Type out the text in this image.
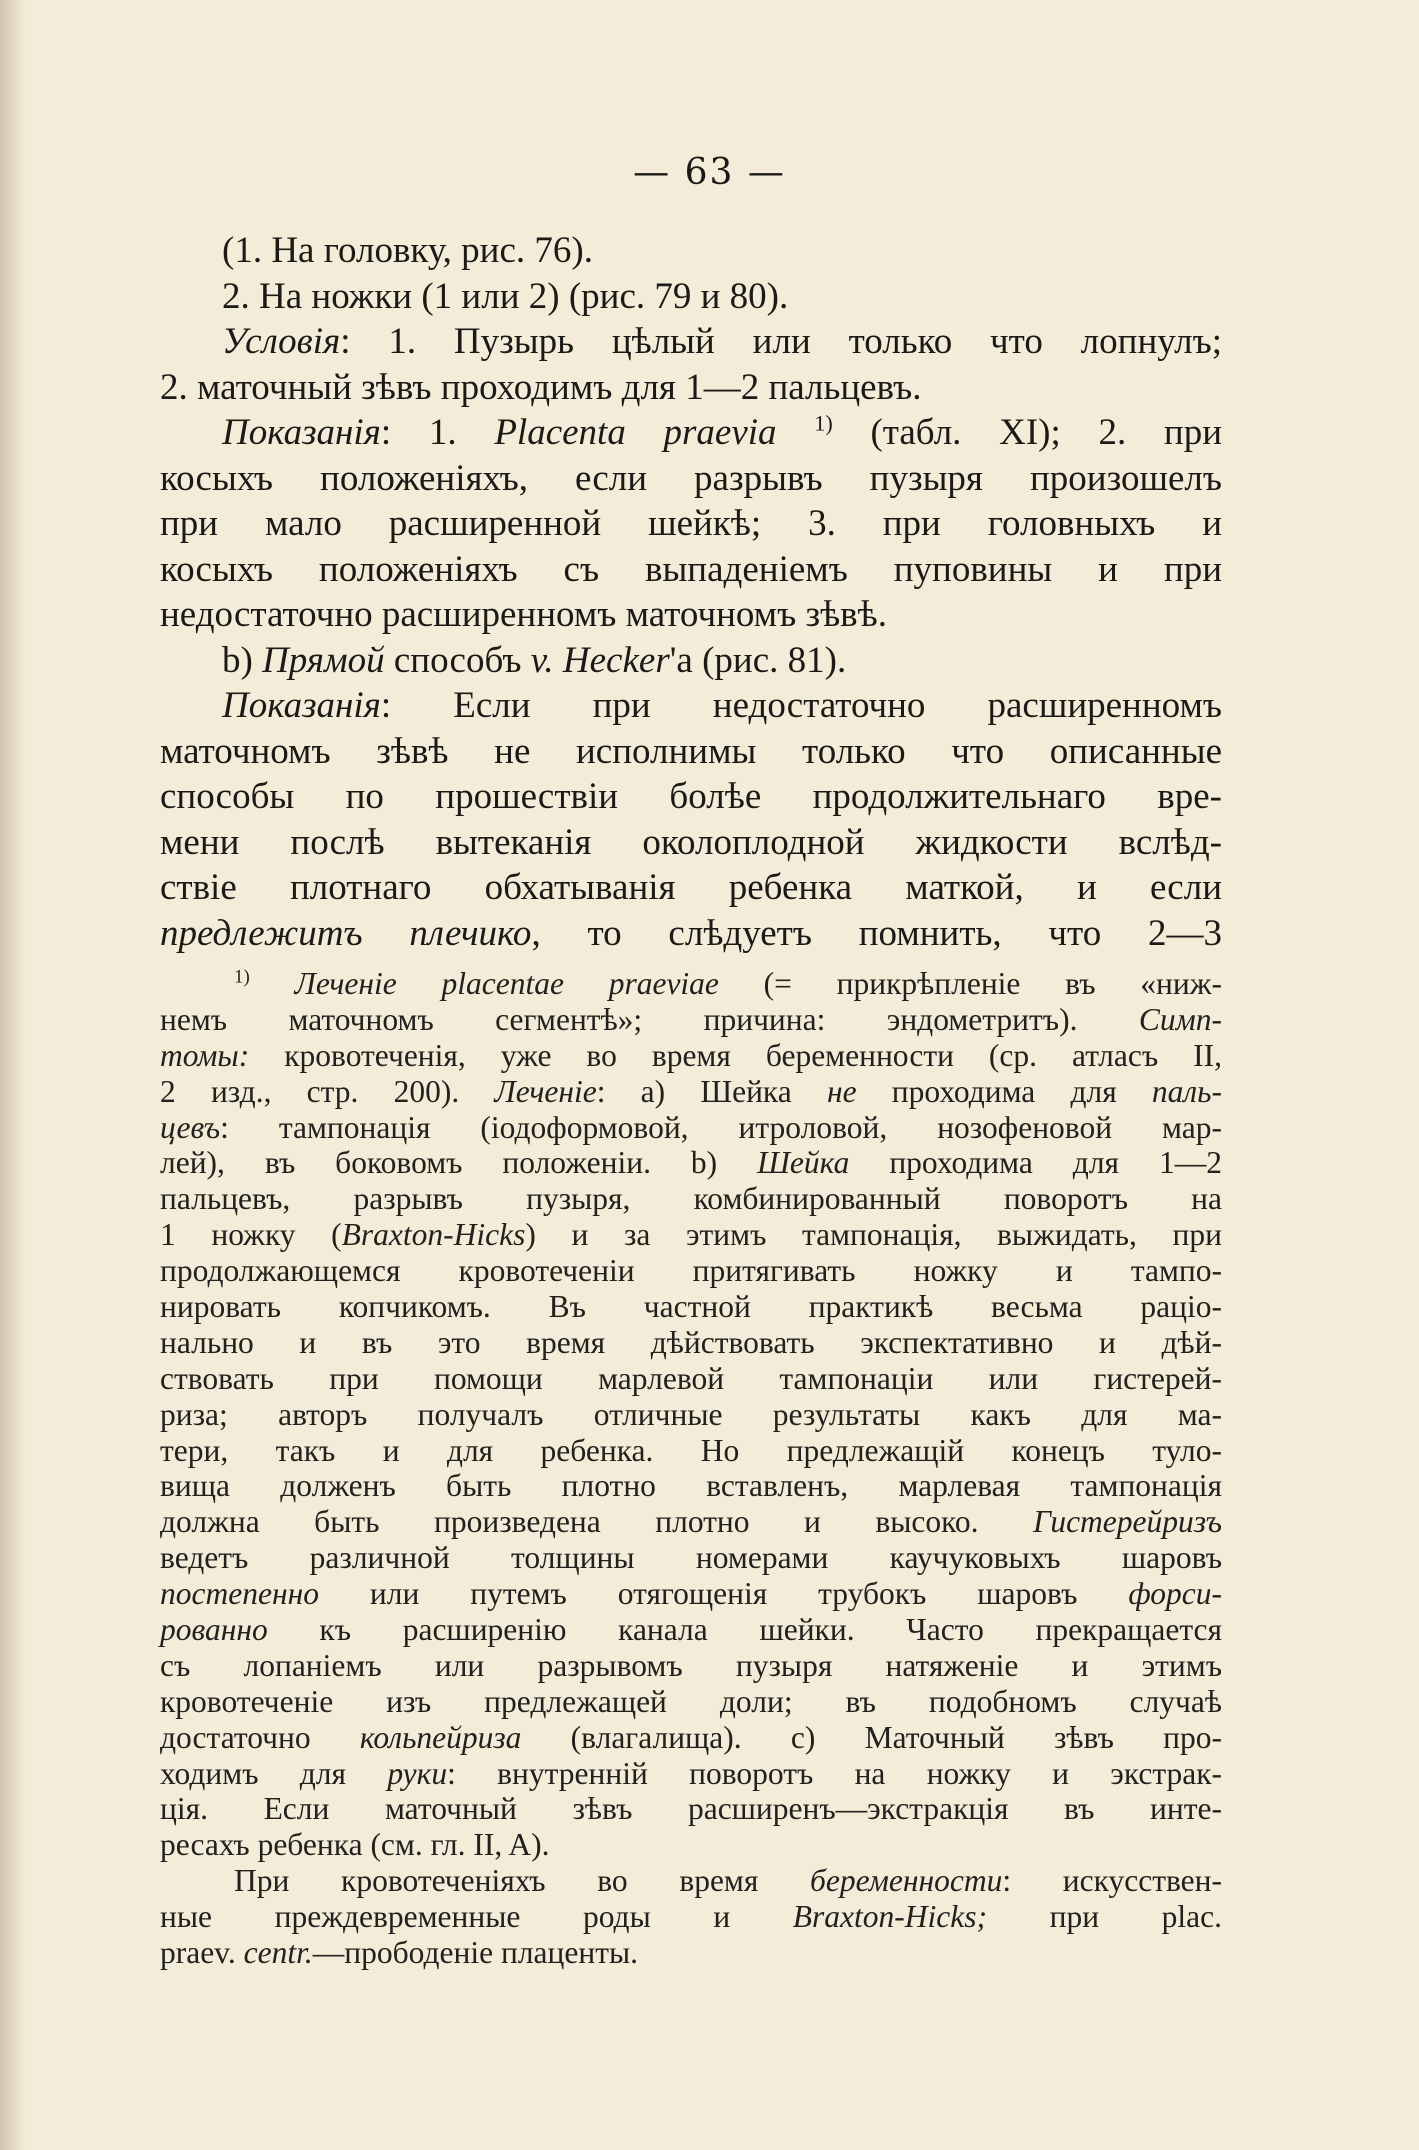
— 63 —
(1. На головку, рис. 76).
2. На ножки (1 или 2) (рис. 79 и 80).
Условія: 1. Пузырь цѣлый или только что лопнулъ;
2. маточный зѣвъ проходимъ для 1—2 пальцевъ.
Показанія: 1. Placenta praevia $^{1)}$ (табл. XI); 2. при
косыхъ положеніяхъ, если разрывъ пузыря произошелъ
при мало расширенной шейкѣ; 3. при головныхъ и
косыхъ положеніяхъ съ выпаденіемъ пуповины и при
недостаточно расширенномъ маточномъ зѣвѣ.
b) Прямой способъ v. Hecker'a (рис. 81).
Показанія: Если при недостаточно расширенномъ
маточномъ зѣвѣ не исполнимы только что описанные
способы по прошествіи болѣе продолжительнаго вре-
мени послѣ вытеканія околоплодной жидкости вслѣд-
ствіе плотнаго обхатыванія ребенка маткой, и если
предлежитъ плечико, то слѣдуетъ помнить, что 2—3
$^{1)}$ Леченіе placentae praeviae (= прикрѣпленіе въ «ниж-
немъ маточномъ сегментѣ»; причина: эндометритъ). Симп-
томы: кровотеченія, уже во время беременности (ср. атласъ II,
2 изд., стр. 200). Леченіе: a) Шейка не проходима для паль-
цевъ: тампонація (іодоформовой, итроловой, нозофеновой мар-
лей), въ боковомъ положеніи. b) Шейка проходима для 1—2
пальцевъ, разрывъ пузыря, комбинированный поворотъ на
1 ножку (Braxton-Hicks) и за этимъ тампонація, выжидать, при
продолжающемся кровотеченіи притягивать ножку и тампо-
нировать копчикомъ. Въ частной практикѣ весьма раціо-
нально и въ это время дѣйствовать экспектативно и дѣй-
ствовать при помощи марлевой тампонаціи или гистерей-
риза; авторъ получалъ отличные результаты какъ для ма-
тери, такъ и для ребенка. Но предлежащій конецъ туло-
вища долженъ быть плотно вставленъ, марлевая тампонація
должна быть произведена плотно и высоко. Гистерейризъ
ведетъ различной толщины номерами каучуковыхъ шаровъ
постепенно или путемъ отягощенія трубокъ шаровъ форси-
рованно къ расширенію канала шейки. Часто прекращается
съ лопаніемъ или разрывомъ пузыря натяженіе и этимъ
кровотеченіе изъ предлежащей доли; въ подобномъ случаѣ
достаточно кольпейриза (влагалища). c) Маточный зѣвъ про-
ходимъ для руки: внутренній поворотъ на ножку и экстрак-
ція. Если маточный зѣвъ расширенъ—экстракція въ инте-
ресахъ ребенка (см. гл. II, A).
При кровотеченіяхъ во время беременности: искусствен-
ные преждевременные роды и Braxton-Hicks; при plac.
praev. centr.—прободеніе плаценты.
